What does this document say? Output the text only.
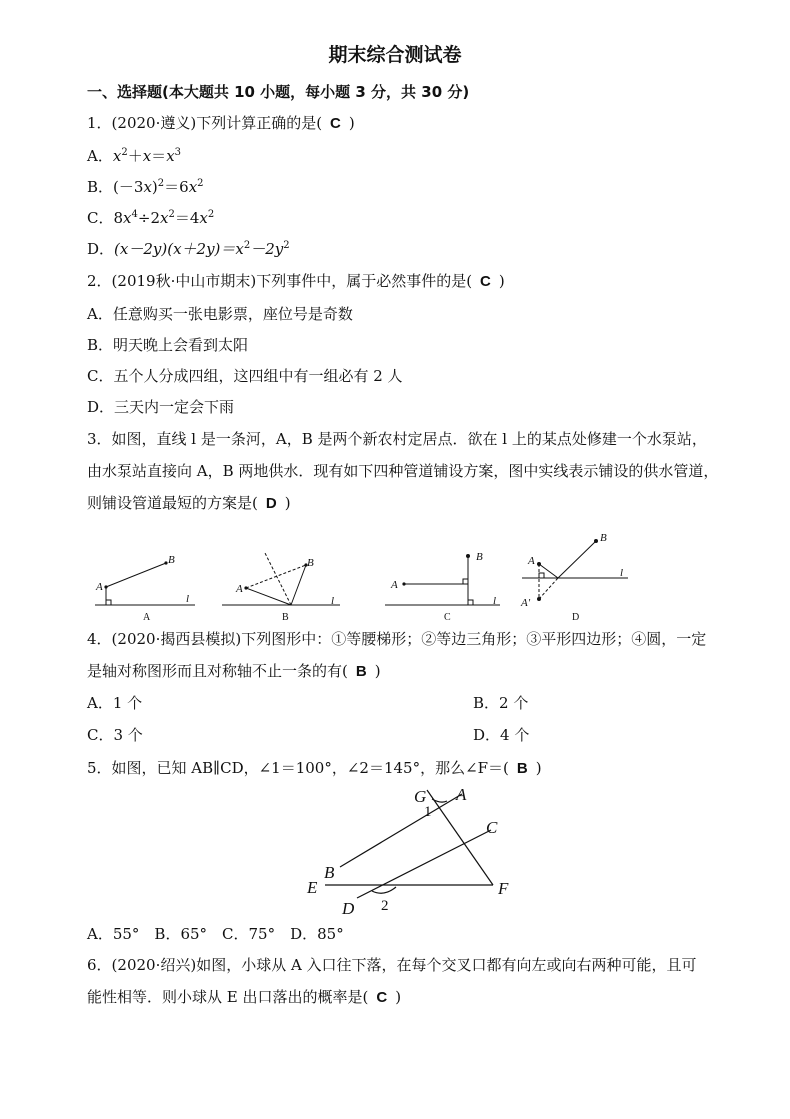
期末综合测试卷
一、选择题(本大题共 10 小题，每小题 3 分，共 30 分)
1．(2020·遵义)下列计算正确的是( C )
A．$x^2+x=x^3$
B．$(-3x)^2=6x^2$
C．$8x^4\div 2x^2=4x^2$
D．$(x-2y)(x+2y)=x^2-2y^2$
2．(2019秋·中山市期末)下列事件中，属于必然事件的是( C )
A．任意购买一张电影票，座位号是奇数
B．明天晚上会看到太阳
C．五个人分成四组，这四组中有一组必有 2 人
D．三天内一定会下雨
3．如图，直线 l 是一条河，A，B 是两个新农村定居点．欲在 l 上的某点处修建一个水泵站，
由水泵站直接向 A，B 两地供水．现有如下四种管道铺设方案，图中实线表示铺设的供水管道，
则铺设管道最短的方案是( D )
A
B
l
A
B
l
A
B
l
A
B
A′
l
A	B	C	D
4．(2020·揭西县模拟)下列图形中：①等腰梯形；②等边三角形；③平形四边形；④圆，一定
是轴对称图形而且对称轴不止一条的有( B )
A．1 个	B．2 个
C．3 个	D．4 个
5．如图，已知 AB∥CD，∠1＝100°，∠2＝145°，那么∠F＝( B )
G A
C
B
E	F
D
1
2
A．55°　B．65°　C．75°　D．85°
6．(2020·绍兴)如图，小球从 A 入口往下落，在每个交叉口都有向左或向右两种可能，且可
能性相等．则小球从 E 出口落出的概率是( C )
